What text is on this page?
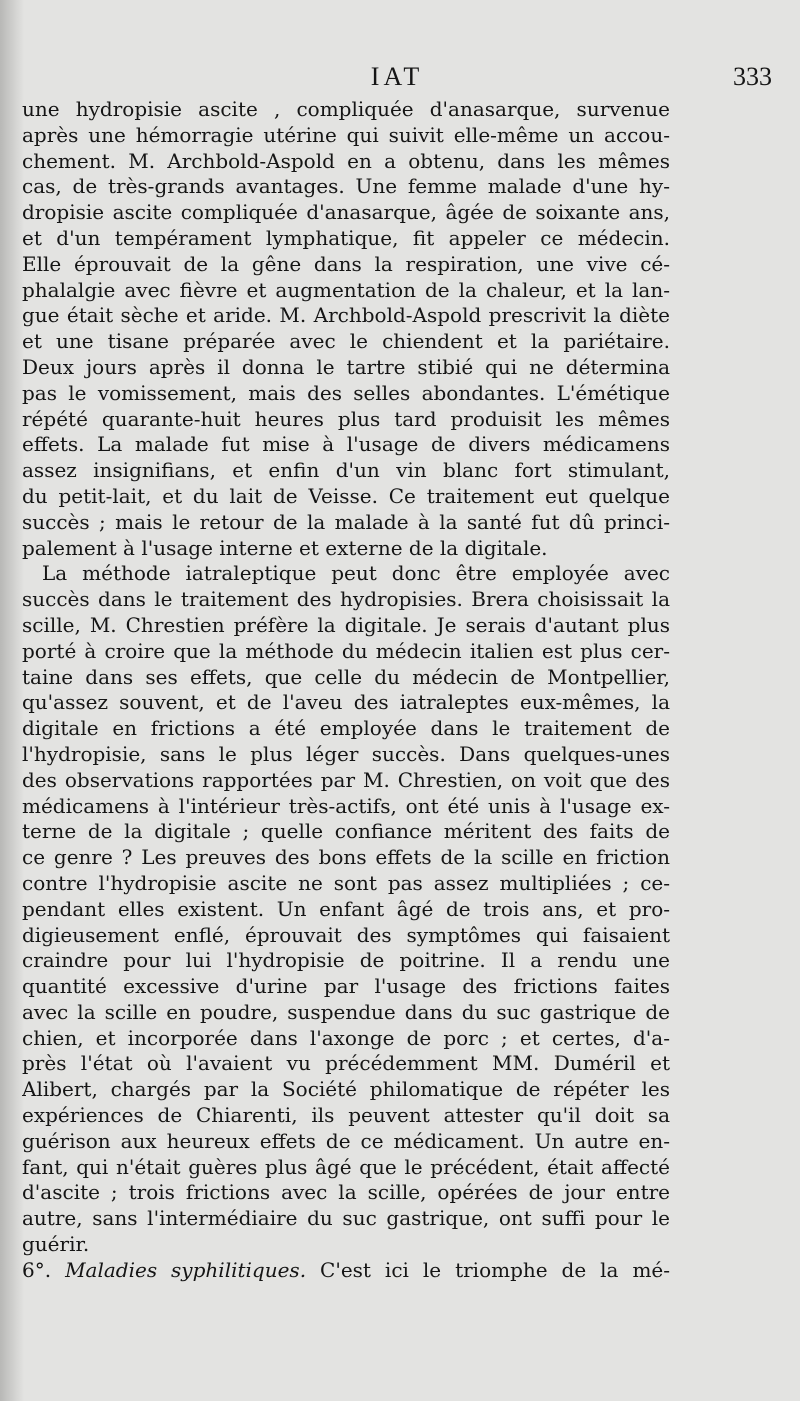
IAT	333
une hydropisie ascite , compliquée d'anasarque, survenue
après une hémorragie utérine qui suivit elle-même un accou-
chement. M. Archbold-Aspold en a obtenu, dans les mêmes
cas, de très-grands avantages. Une femme malade d'une hy-
dropisie ascite compliquée d'anasarque, âgée de soixante ans,
et d'un tempérament lymphatique, fit appeler ce médecin.
Elle éprouvait de la gêne dans la respiration, une vive cé-
phalalgie avec fièvre et augmentation de la chaleur, et la lan-
gue était sèche et aride. M. Archbold-Aspold prescrivit la diète
et une tisane préparée avec le chiendent et la pariétaire.
Deux jours après il donna le tartre stibié qui ne détermina
pas le vomissement, mais des selles abondantes. L'émétique
répété quarante-huit heures plus tard produisit les mêmes
effets. La malade fut mise à l'usage de divers médicamens
assez insignifians, et enfin d'un vin blanc fort stimulant,
du petit-lait, et du lait de Veisse. Ce traitement eut quelque
succès ; mais le retour de la malade à la santé fut dû princi-
palement à l'usage interne et externe de la digitale.
La méthode iatraleptique peut donc être employée avec
succès dans le traitement des hydropisies. Brera choisissait la
scille, M. Chrestien préfère la digitale. Je serais d'autant plus
porté à croire que la méthode du médecin italien est plus cer-
taine dans ses effets, que celle du médecin de Montpellier,
qu'assez souvent, et de l'aveu des iatraleptes eux-mêmes, la
digitale en frictions a été employée dans le traitement de
l'hydropisie, sans le plus léger succès. Dans quelques-unes
des observations rapportées par M. Chrestien, on voit que des
médicamens à l'intérieur très-actifs, ont été unis à l'usage ex-
terne de la digitale ; quelle confiance méritent des faits de
ce genre ? Les preuves des bons effets de la scille en friction
contre l'hydropisie ascite ne sont pas assez multipliées ; ce-
pendant elles existent. Un enfant âgé de trois ans, et pro-
digieusement enflé, éprouvait des symptômes qui faisaient
craindre pour lui l'hydropisie de poitrine. Il a rendu une
quantité excessive d'urine par l'usage des frictions faites
avec la scille en poudre, suspendue dans du suc gastrique de
chien, et incorporée dans l'axonge de porc ; et certes, d'a-
près l'état où l'avaient vu précédemment MM. Duméril et
Alibert, chargés par la Société philomatique de répéter les
expériences de Chiarenti, ils peuvent attester qu'il doit sa
guérison aux heureux effets de ce médicament. Un autre en-
fant, qui n'était guères plus âgé que le précédent, était affecté
d'ascite ; trois frictions avec la scille, opérées de jour entre
autre, sans l'intermédiaire du suc gastrique, ont suffi pour le
guérir.
6°. Maladies syphilitiques. C'est ici le triomphe de la mé-
